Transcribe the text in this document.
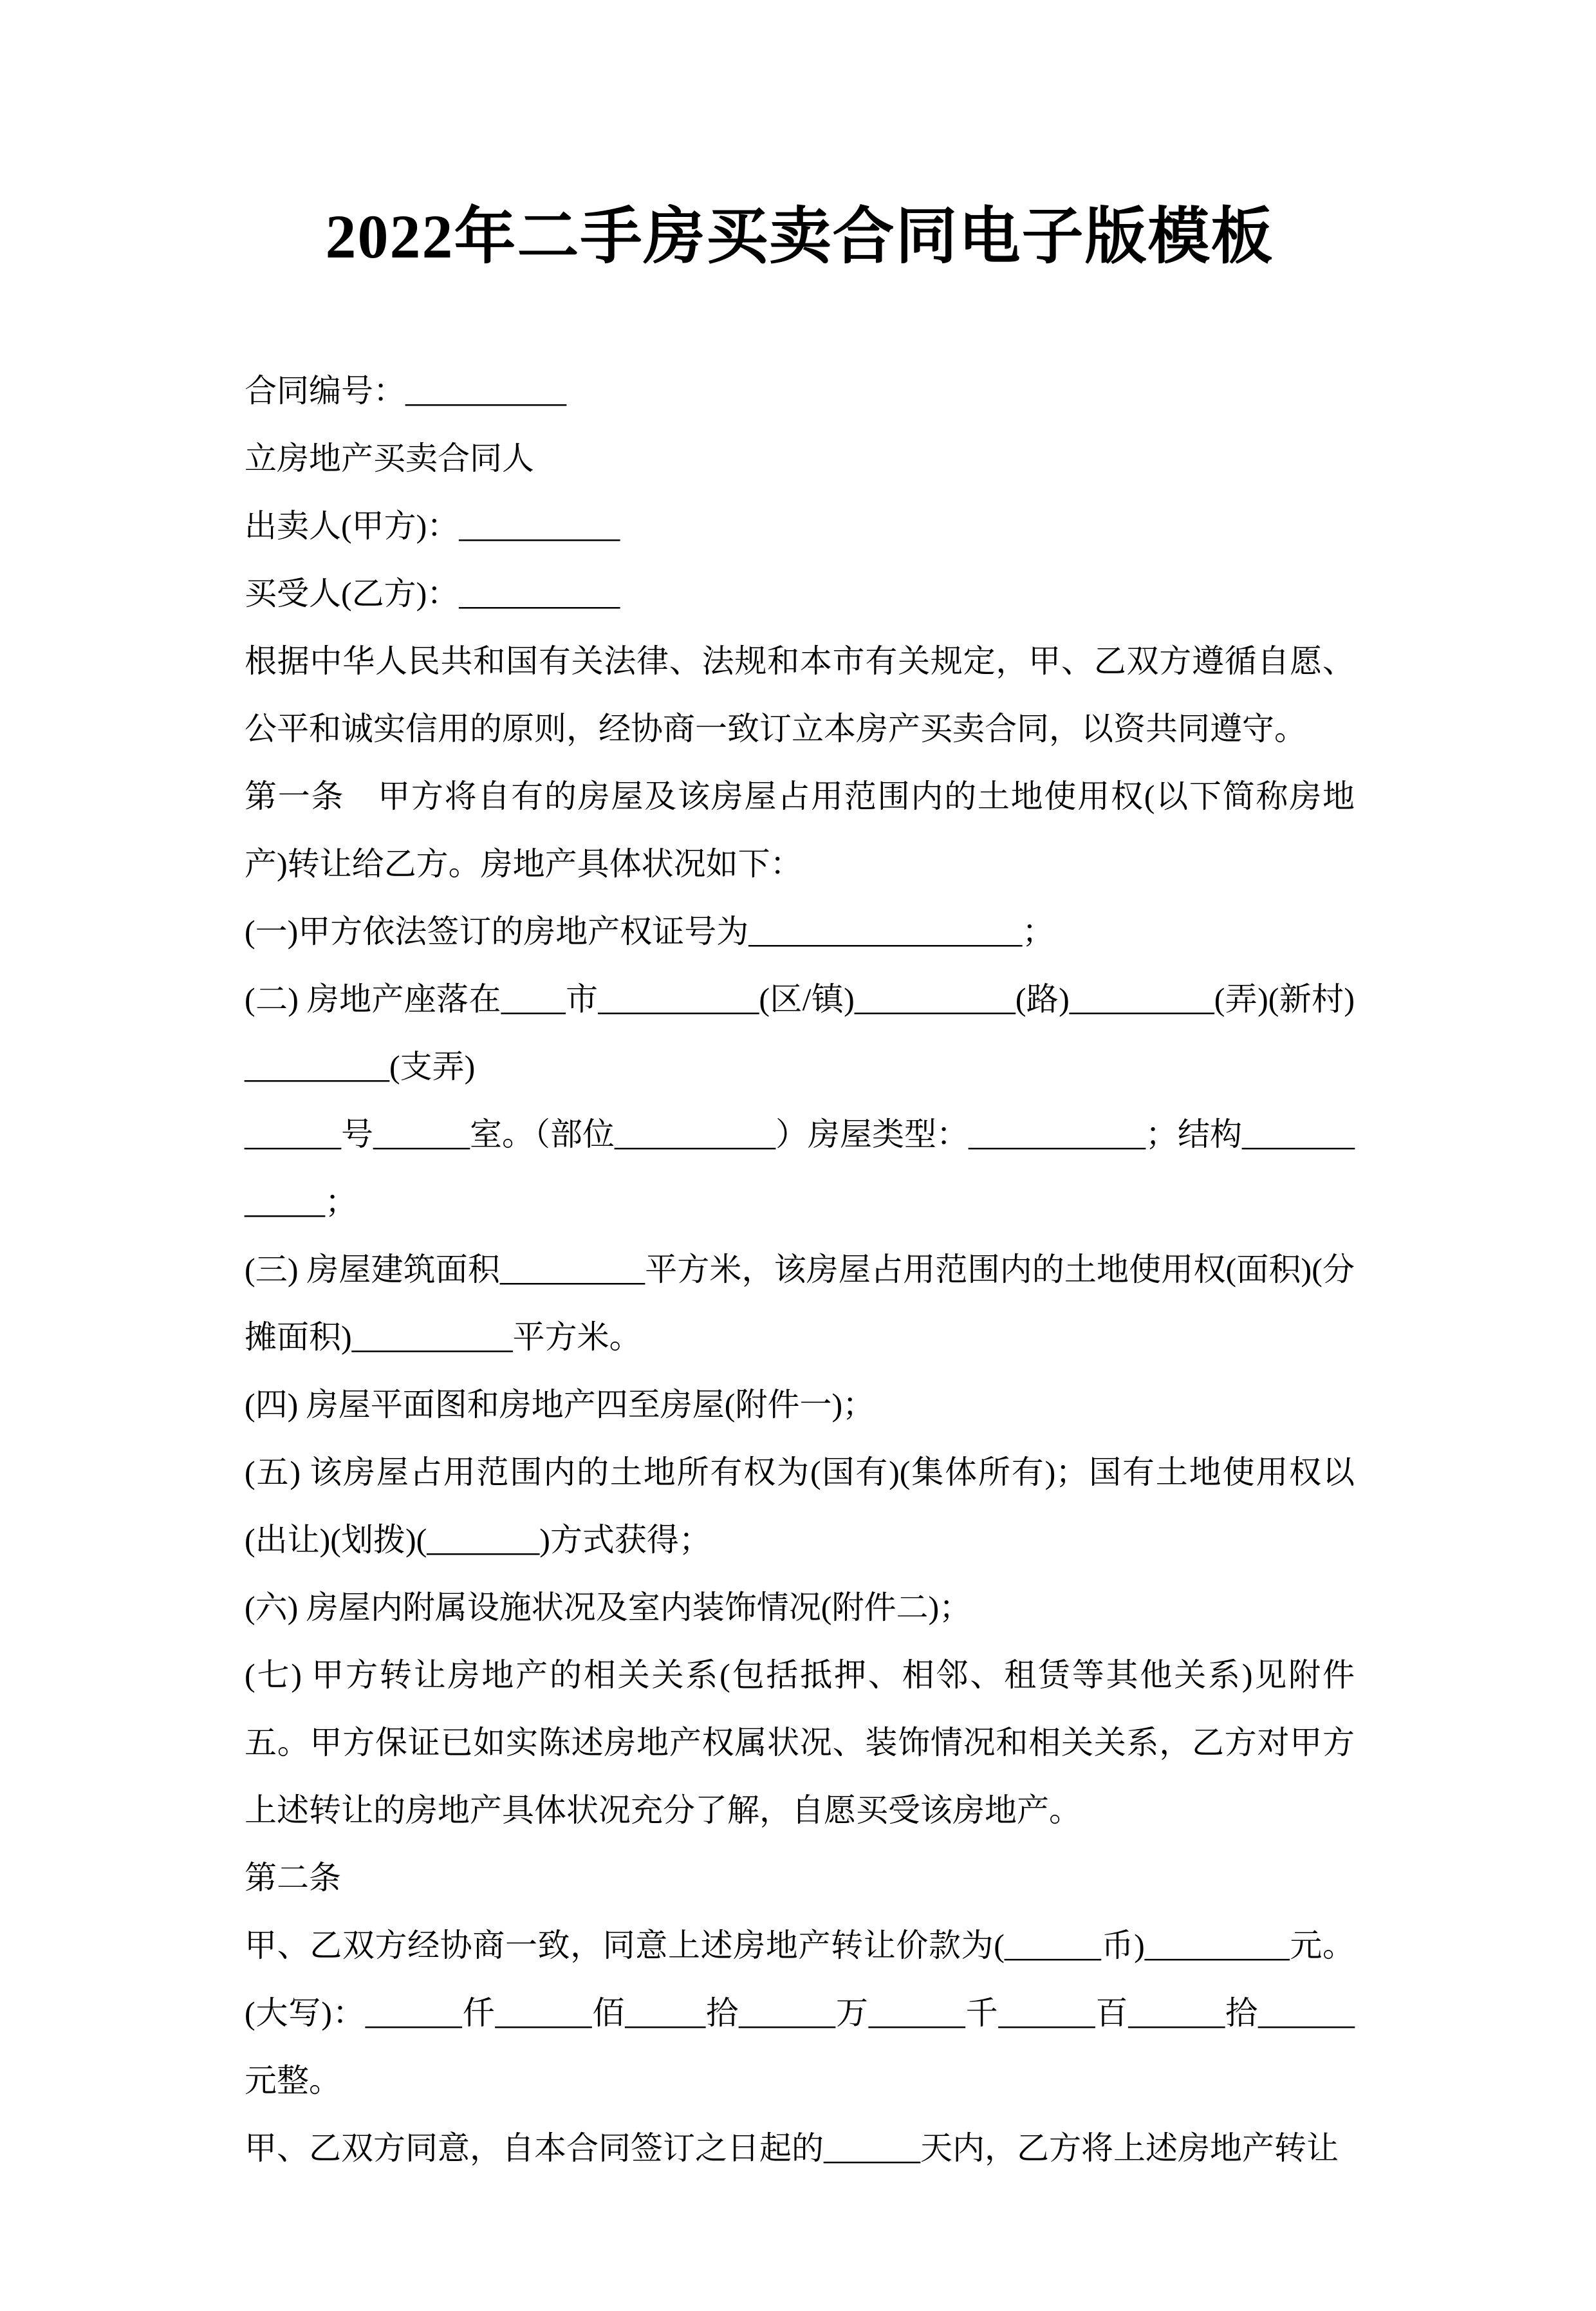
2022年二手房买卖合同电子版模板

合同编号：__________

立房地产买卖合同人

出卖人(甲方)：__________

买受人(乙方)：__________

根据中华人民共和国有关法律、法规和本市有关规定，甲、乙双方遵循自愿、公平和诚实信用的原则，经协商一致订立本房产买卖合同，以资共同遵守。

第一条　甲方将自有的房屋及该房屋占用范围内的土地使用权(以下简称房地产)转让给乙方。房地产具体状况如下：

(一)甲方依法签订的房地产权证号为_________________；

(二) 房地产座落在____市__________(区/镇)__________(路)_________(弄)(新村)_________(支弄)

______号______室。（部位__________）房屋类型：___________；结构____________；

(三) 房屋建筑面积_________平方米，该房屋占用范围内的土地使用权(面积)(分摊面积)__________平方米。

(四) 房屋平面图和房地产四至房屋(附件一)；

(五) 该房屋占用范围内的土地所有权为(国有)(集体所有)；国有土地使用权以(出让)(划拨)(_______)方式获得；

(六) 房屋内附属设施状况及室内装饰情况(附件二)；

(七) 甲方转让房地产的相关关系(包括抵押、相邻、租赁等其他关系)见附件五。甲方保证已如实陈述房地产权属状况、装饰情况和相关关系，乙方对甲方上述转让的房地产具体状况充分了解，自愿买受该房地产。

第二条

甲、乙双方经协商一致，同意上述房地产转让价款为(______币)_________元。(大写)：______仟______佰_____拾______万______千______百______拾______元整。

甲、乙双方同意，自本合同签订之日起的______天内，乙方将上述房地产转让
